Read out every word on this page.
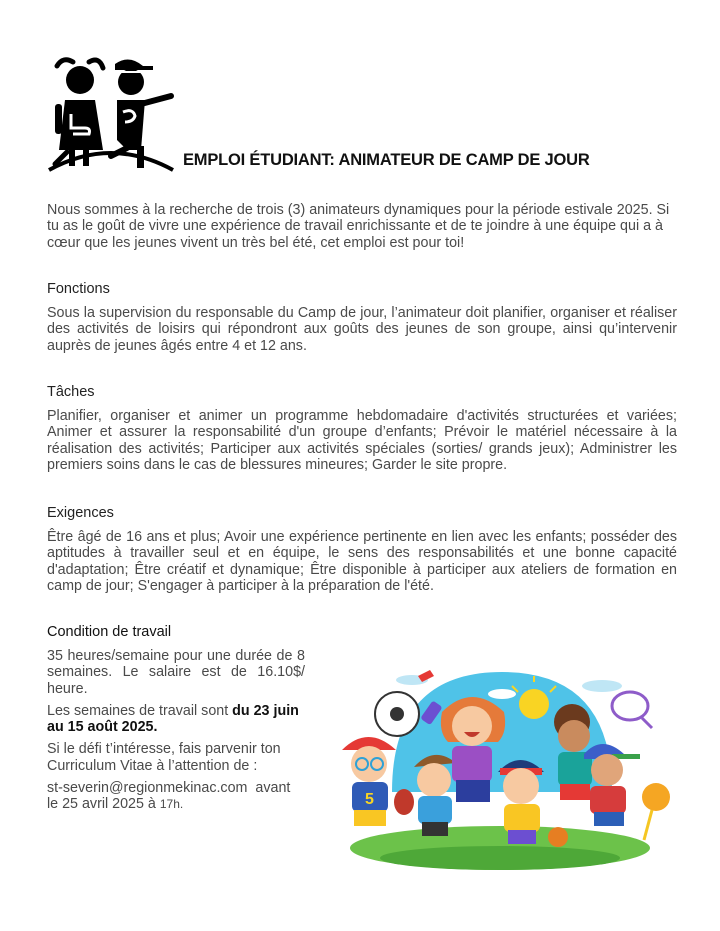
EMPLOI ÉTUDIANT: ANIMATEUR DE CAMP DE JOUR

Nous sommes à la recherche de trois (3) animateurs dynamiques pour la période estivale 2025. Si tu as le goût de vivre une expérience de travail enrichissante et de te joindre à une équipe qui a à cœur que les jeunes vivent un très bel été, cet emploi est pour toi!

Fonctions

Sous la supervision du responsable du Camp de jour, l’animateur doit planifier, organiser et réaliser des activités de loisirs qui répondront aux goûts des jeunes de son groupe, ainsi qu’intervenir auprès de jeunes âgés entre 4 et 12 ans.

Tâches

Planifier, organiser et animer un programme hebdomadaire d'activités structurées et variées; Animer et assurer la responsabilité d'un groupe d’enfants; Prévoir le matériel nécessaire à la réalisation des activités; Participer aux activités spéciales (sorties/ grands jeux); Administrer les premiers soins dans le cas de blessures mineures; Garder le site propre.

Exigences

Être âgé de 16 ans et plus; Avoir une expérience pertinente en lien avec les enfants; posséder des aptitudes à travailler seul et en équipe, le sens des responsabilités et une bonne capacité d'adaptation; Être créatif et dynamique; Être disponible à participer aux ateliers de formation en camp de jour; S'engager à participer à la préparation de l'été.

Condition de travail

35 heures/semaine pour une durée de 8 semaines. Le salaire est de 16.10$/ heure.

Les semaines de travail sont du 23 juin au 15 août 2025.

Si le défi t’intéresse, fais parvenir ton Curriculum Vitae à l’attention de :

st-severin@regionmekinac.com  avant le 25 avril 2025 à 17h.	5
